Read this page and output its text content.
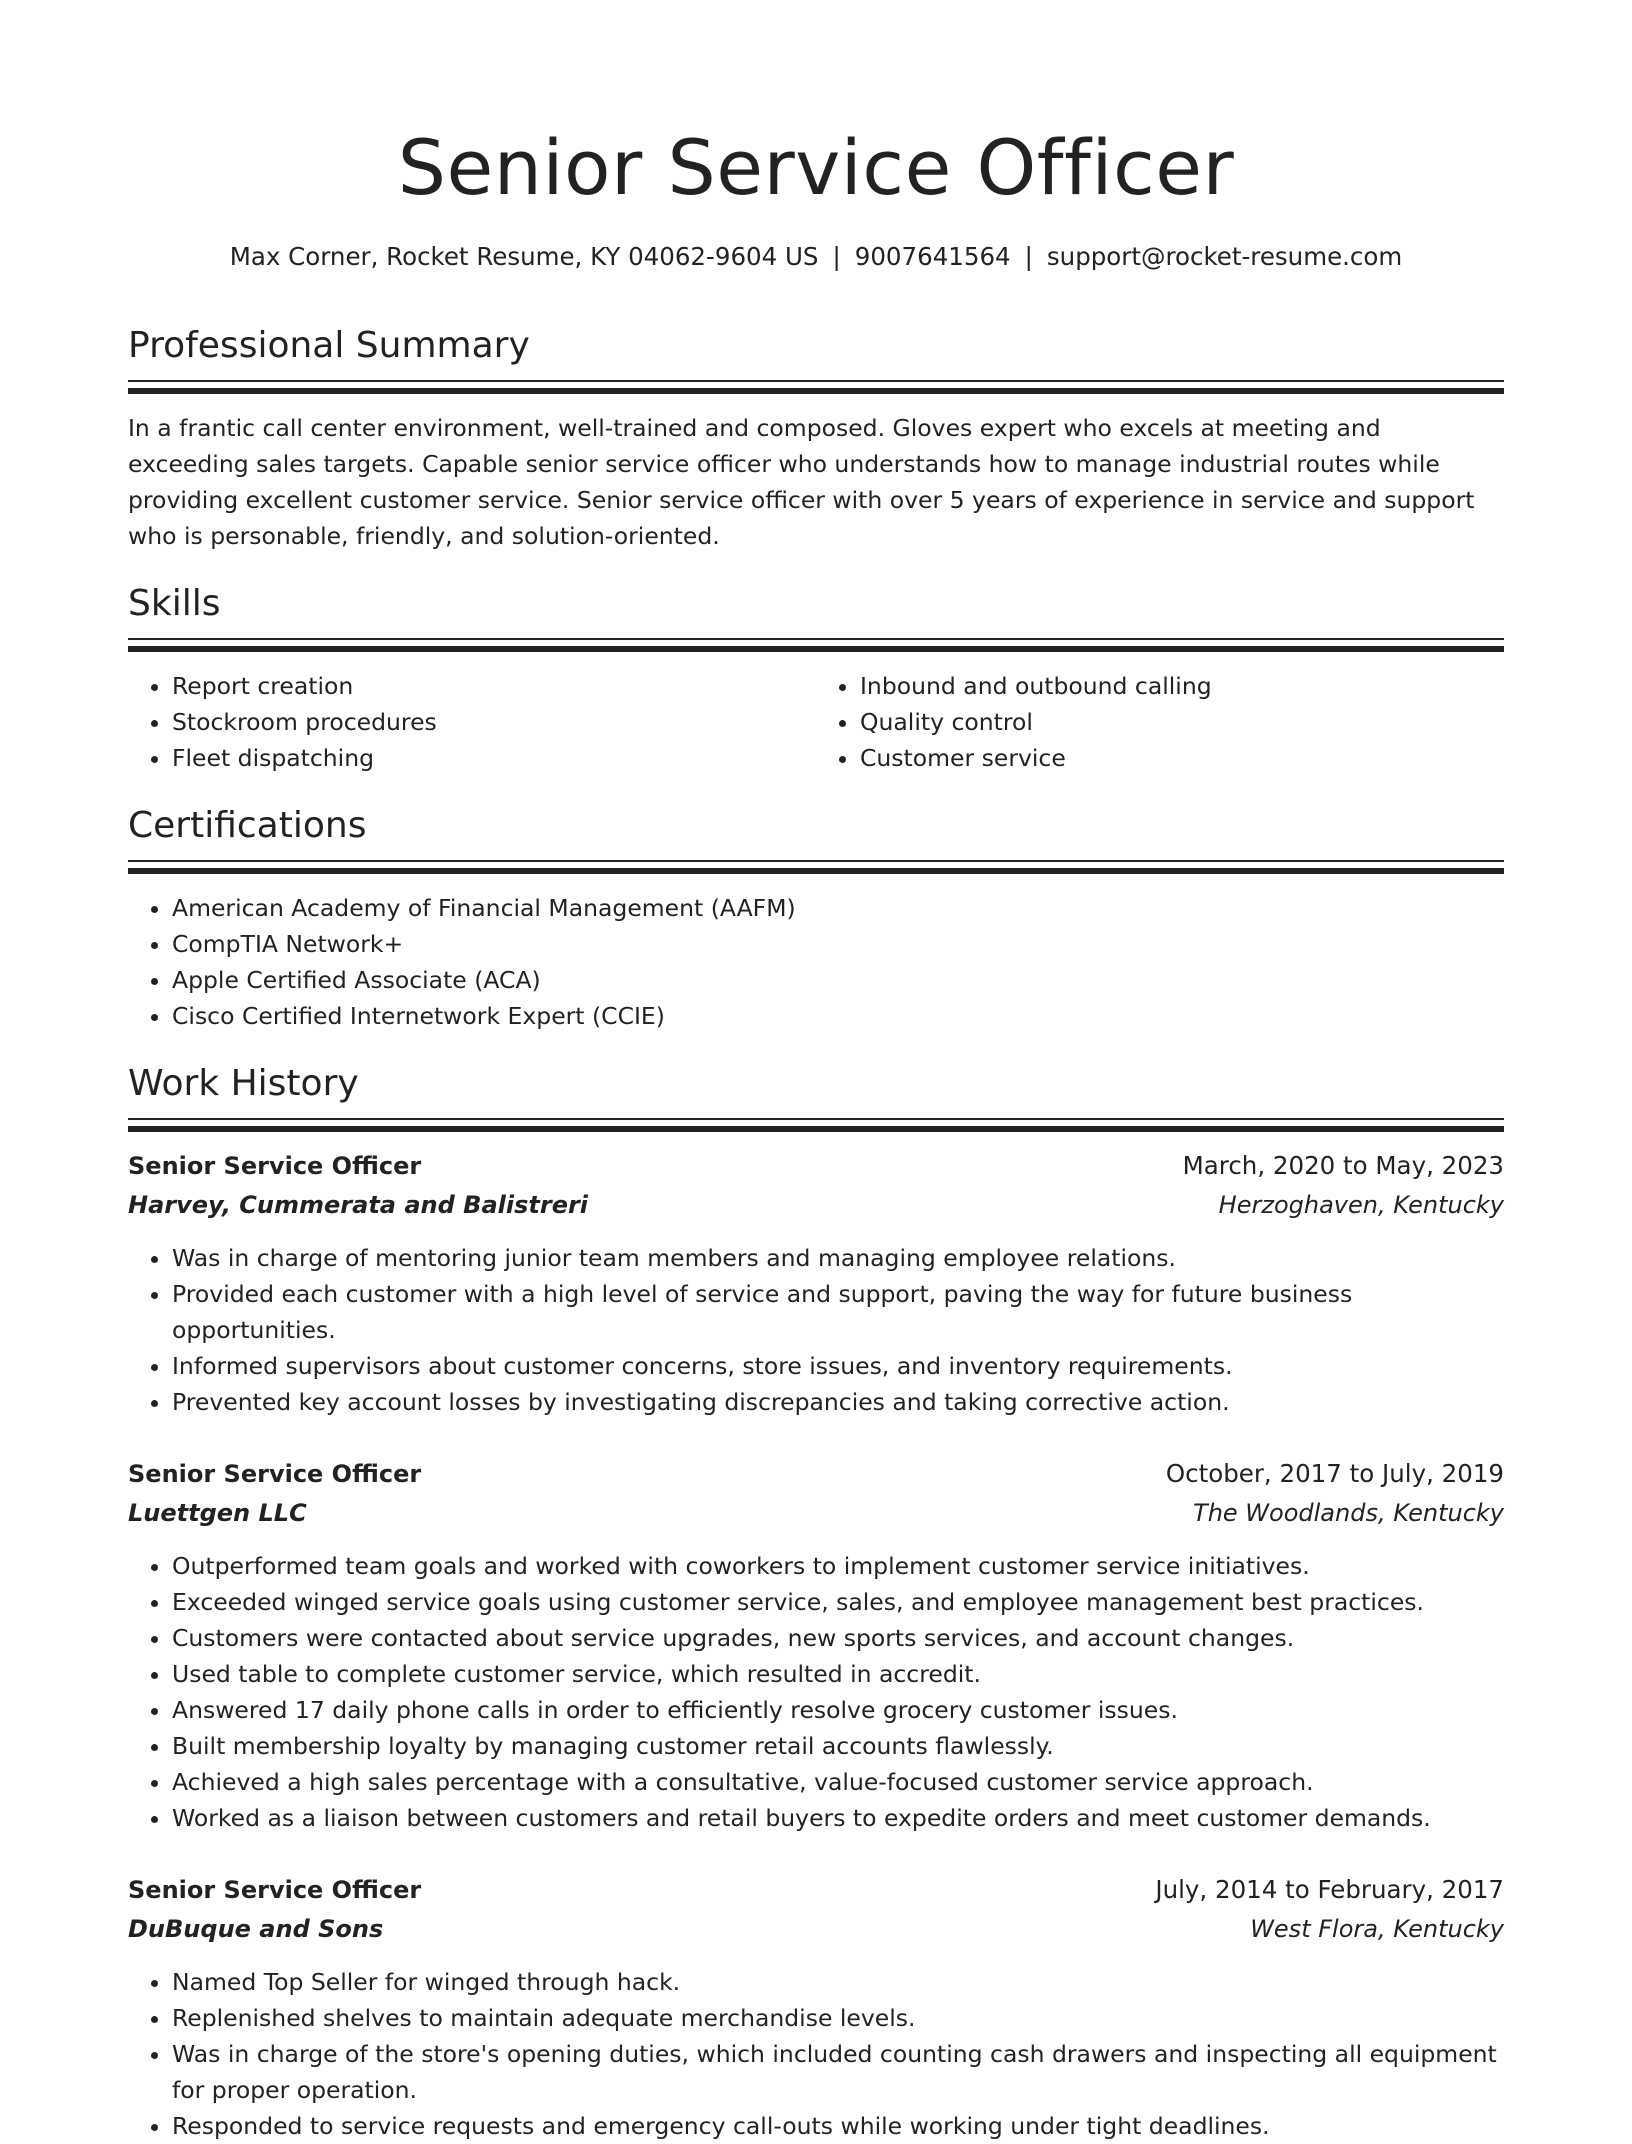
Senior Service Officer
Max Corner, Rocket Resume, KY 04062-9604 US | 9007641564 | support@rocket-resume.com
Professional Summary

In a frantic call center environment, well-trained and composed. Gloves expert who excels at meeting and exceeding sales targets. Capable senior service officer who understands how to manage industrial routes while providing excellent customer service. Senior service officer with over 5 years of experience in service and support who is personable, friendly, and solution-oriented.

Skills
• Report creation
• Stockroom procedures
• Fleet dispatching
• Inbound and outbound calling
• Quality control
• Customer service
Certifications
• American Academy of Financial Management (AAFM)
• CompTIA Network+
• Apple Certified Associate (ACA)
• Cisco Certified Internetwork Expert (CCIE)
Work History
Senior Service Officer	March, 2020 to May, 2023
Harvey, Cummerata and Balistreri	Herzoghaven, Kentucky
• Was in charge of mentoring junior team members and managing employee relations.
• Provided each customer with a high level of service and support, paving the way for future business opportunities.
• Informed supervisors about customer concerns, store issues, and inventory requirements.
• Prevented key account losses by investigating discrepancies and taking corrective action.
Senior Service Officer	October, 2017 to July, 2019
Luettgen LLC	The Woodlands, Kentucky
• Outperformed team goals and worked with coworkers to implement customer service initiatives.
• Exceeded winged service goals using customer service, sales, and employee management best practices.
• Customers were contacted about service upgrades, new sports services, and account changes.
• Used table to complete customer service, which resulted in accredit.
• Answered 17 daily phone calls in order to efficiently resolve grocery customer issues.
• Built membership loyalty by managing customer retail accounts flawlessly.
• Achieved a high sales percentage with a consultative, value-focused customer service approach.
• Worked as a liaison between customers and retail buyers to expedite orders and meet customer demands.
Senior Service Officer	July, 2014 to February, 2017
DuBuque and Sons	West Flora, Kentucky
• Named Top Seller for winged through hack.
• Replenished shelves to maintain adequate merchandise levels.
• Was in charge of the store's opening duties, which included counting cash drawers and inspecting all equipment for proper operation.
• Responded to service requests and emergency call-outs while working under tight deadlines.
